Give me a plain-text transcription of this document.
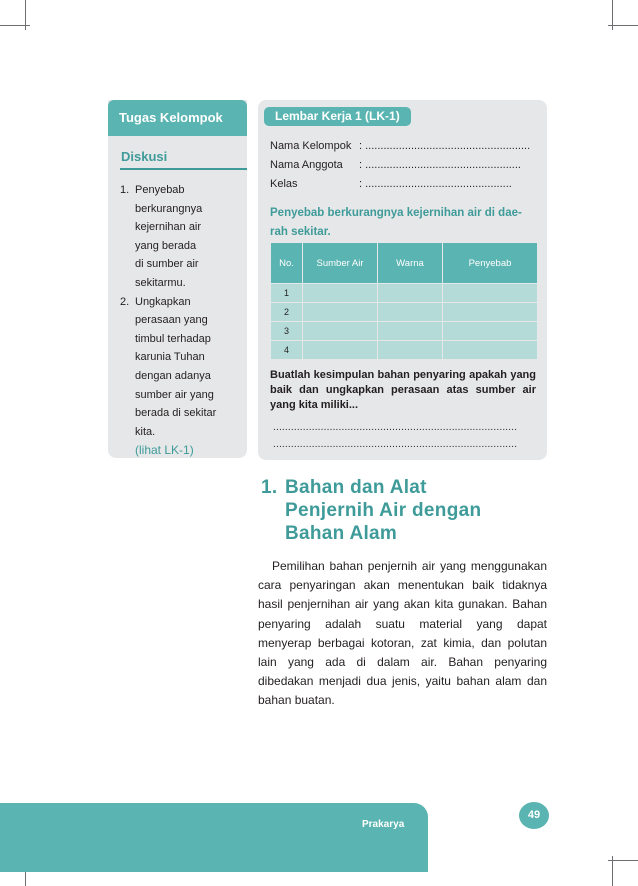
Tugas Kelompok
Diskusi
1. Penyebab
berkurangnya
kejernihan air
yang berada
di sumber air
sekitarmu.
2. Ungkapkan
perasaan yang
timbul terhadap
karunia Tuhan
dengan adanya
sumber air yang
berada di sekitar
kita.
(lihat LK-1)
Lembar Kerja 1 (LK-1)
Nama Kelompok : ......................................................
Nama Anggota : ...................................................
Kelas	: ................................................
Penyebab berkurangnya kejernihan air di dae-rah sekitar.
No.	Sumber Air	Warna	Penyebab
1			
2			
3			
4			
Buatlah kesimpulan bahan penyaring apakah yang baik dan ungkapkan perasaan atas sumber air yang kita miliki...
..................................................................................
..................................................................................
1. Bahan dan Alat
Penjernih Air dengan
Bahan Alam

Pemilihan bahan penjernih air yang menggunakan cara penyaringan akan menentukan baik tidaknya hasil penjernihan air yang akan kita gunakan. Bahan penyaring adalah suatu material yang dapat menyerap berbagai kotoran, zat kimia, dan polutan lain yang ada di dalam air. Bahan penyaring dibedakan menjadi dua jenis, yaitu bahan alam dan bahan buatan.

Prakarya
49
